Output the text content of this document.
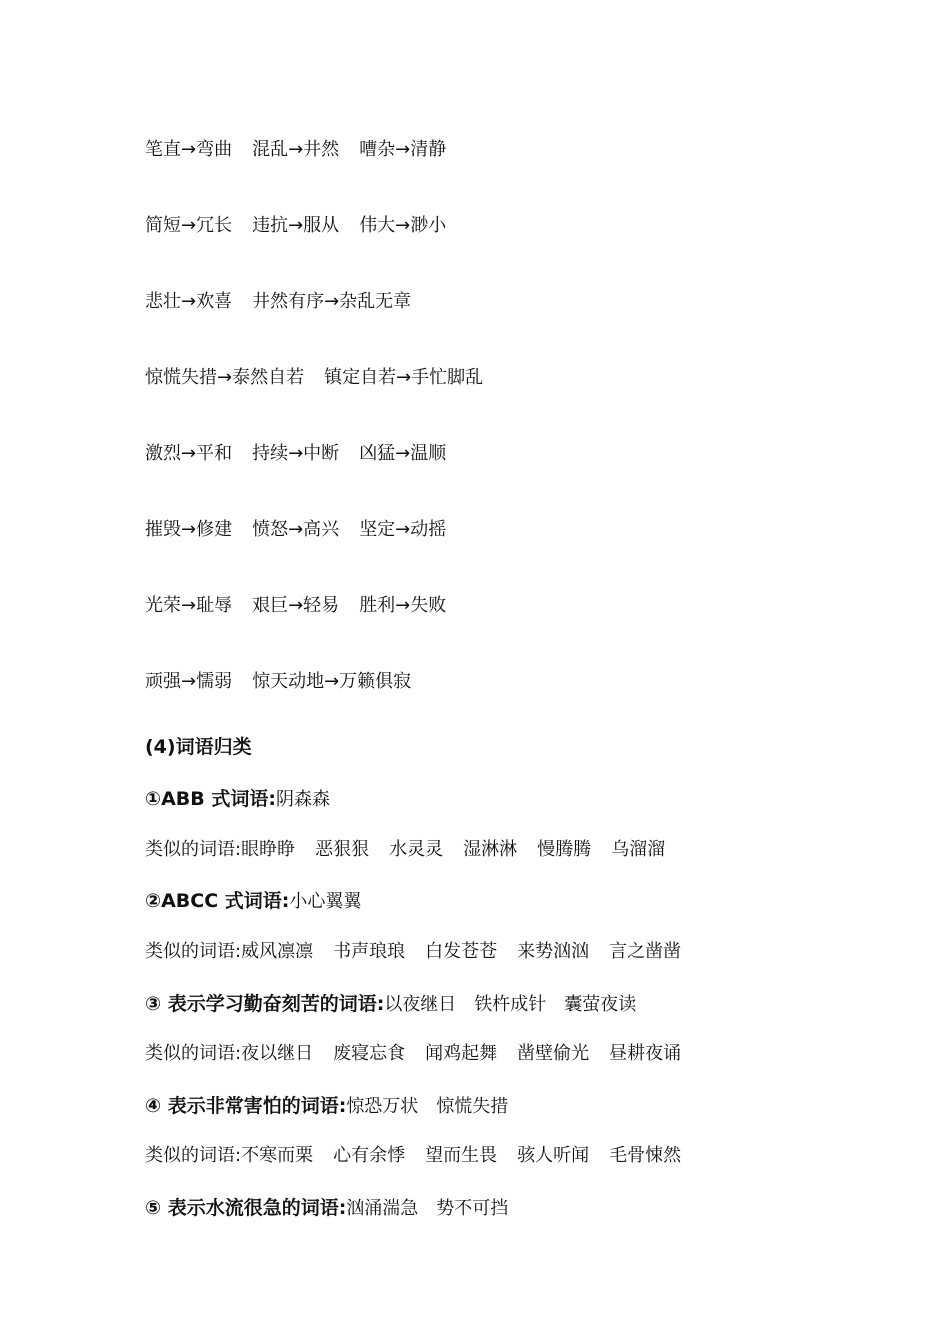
笔直→弯曲 混乱→井然 嘈杂→清静
简短→冗长 违抗→服从 伟大→渺小
悲壮→欢喜 井然有序→杂乱无章
惊慌失措→泰然自若 镇定自若→手忙脚乱
激烈→平和 持续→中断 凶猛→温顺
摧毁→修建 愤怒→高兴 坚定→动摇
光荣→耻辱 艰巨→轻易 胜利→失败
顽强→懦弱 惊天动地→万籁俱寂
(4)词语归类
①ABB 式词语:阴森森
类似的词语:眼睁睁 恶狠狠 水灵灵 湿淋淋 慢腾腾 乌溜溜
②ABCC 式词语:小心翼翼
类似的词语:威风凛凛 书声琅琅 白发苍苍 来势汹汹 言之凿凿
③ 表示学习勤奋刻苦的词语:以夜继日　铁杵成针　囊萤夜读
类似的词语:夜以继日 废寝忘食 闻鸡起舞 凿壁偷光 昼耕夜诵
④ 表示非常害怕的词语:惊恐万状　惊慌失措
类似的词语:不寒而栗 心有余悸 望而生畏 骇人听闻 毛骨悚然
⑤ 表示水流很急的词语:汹涌湍急　势不可挡
